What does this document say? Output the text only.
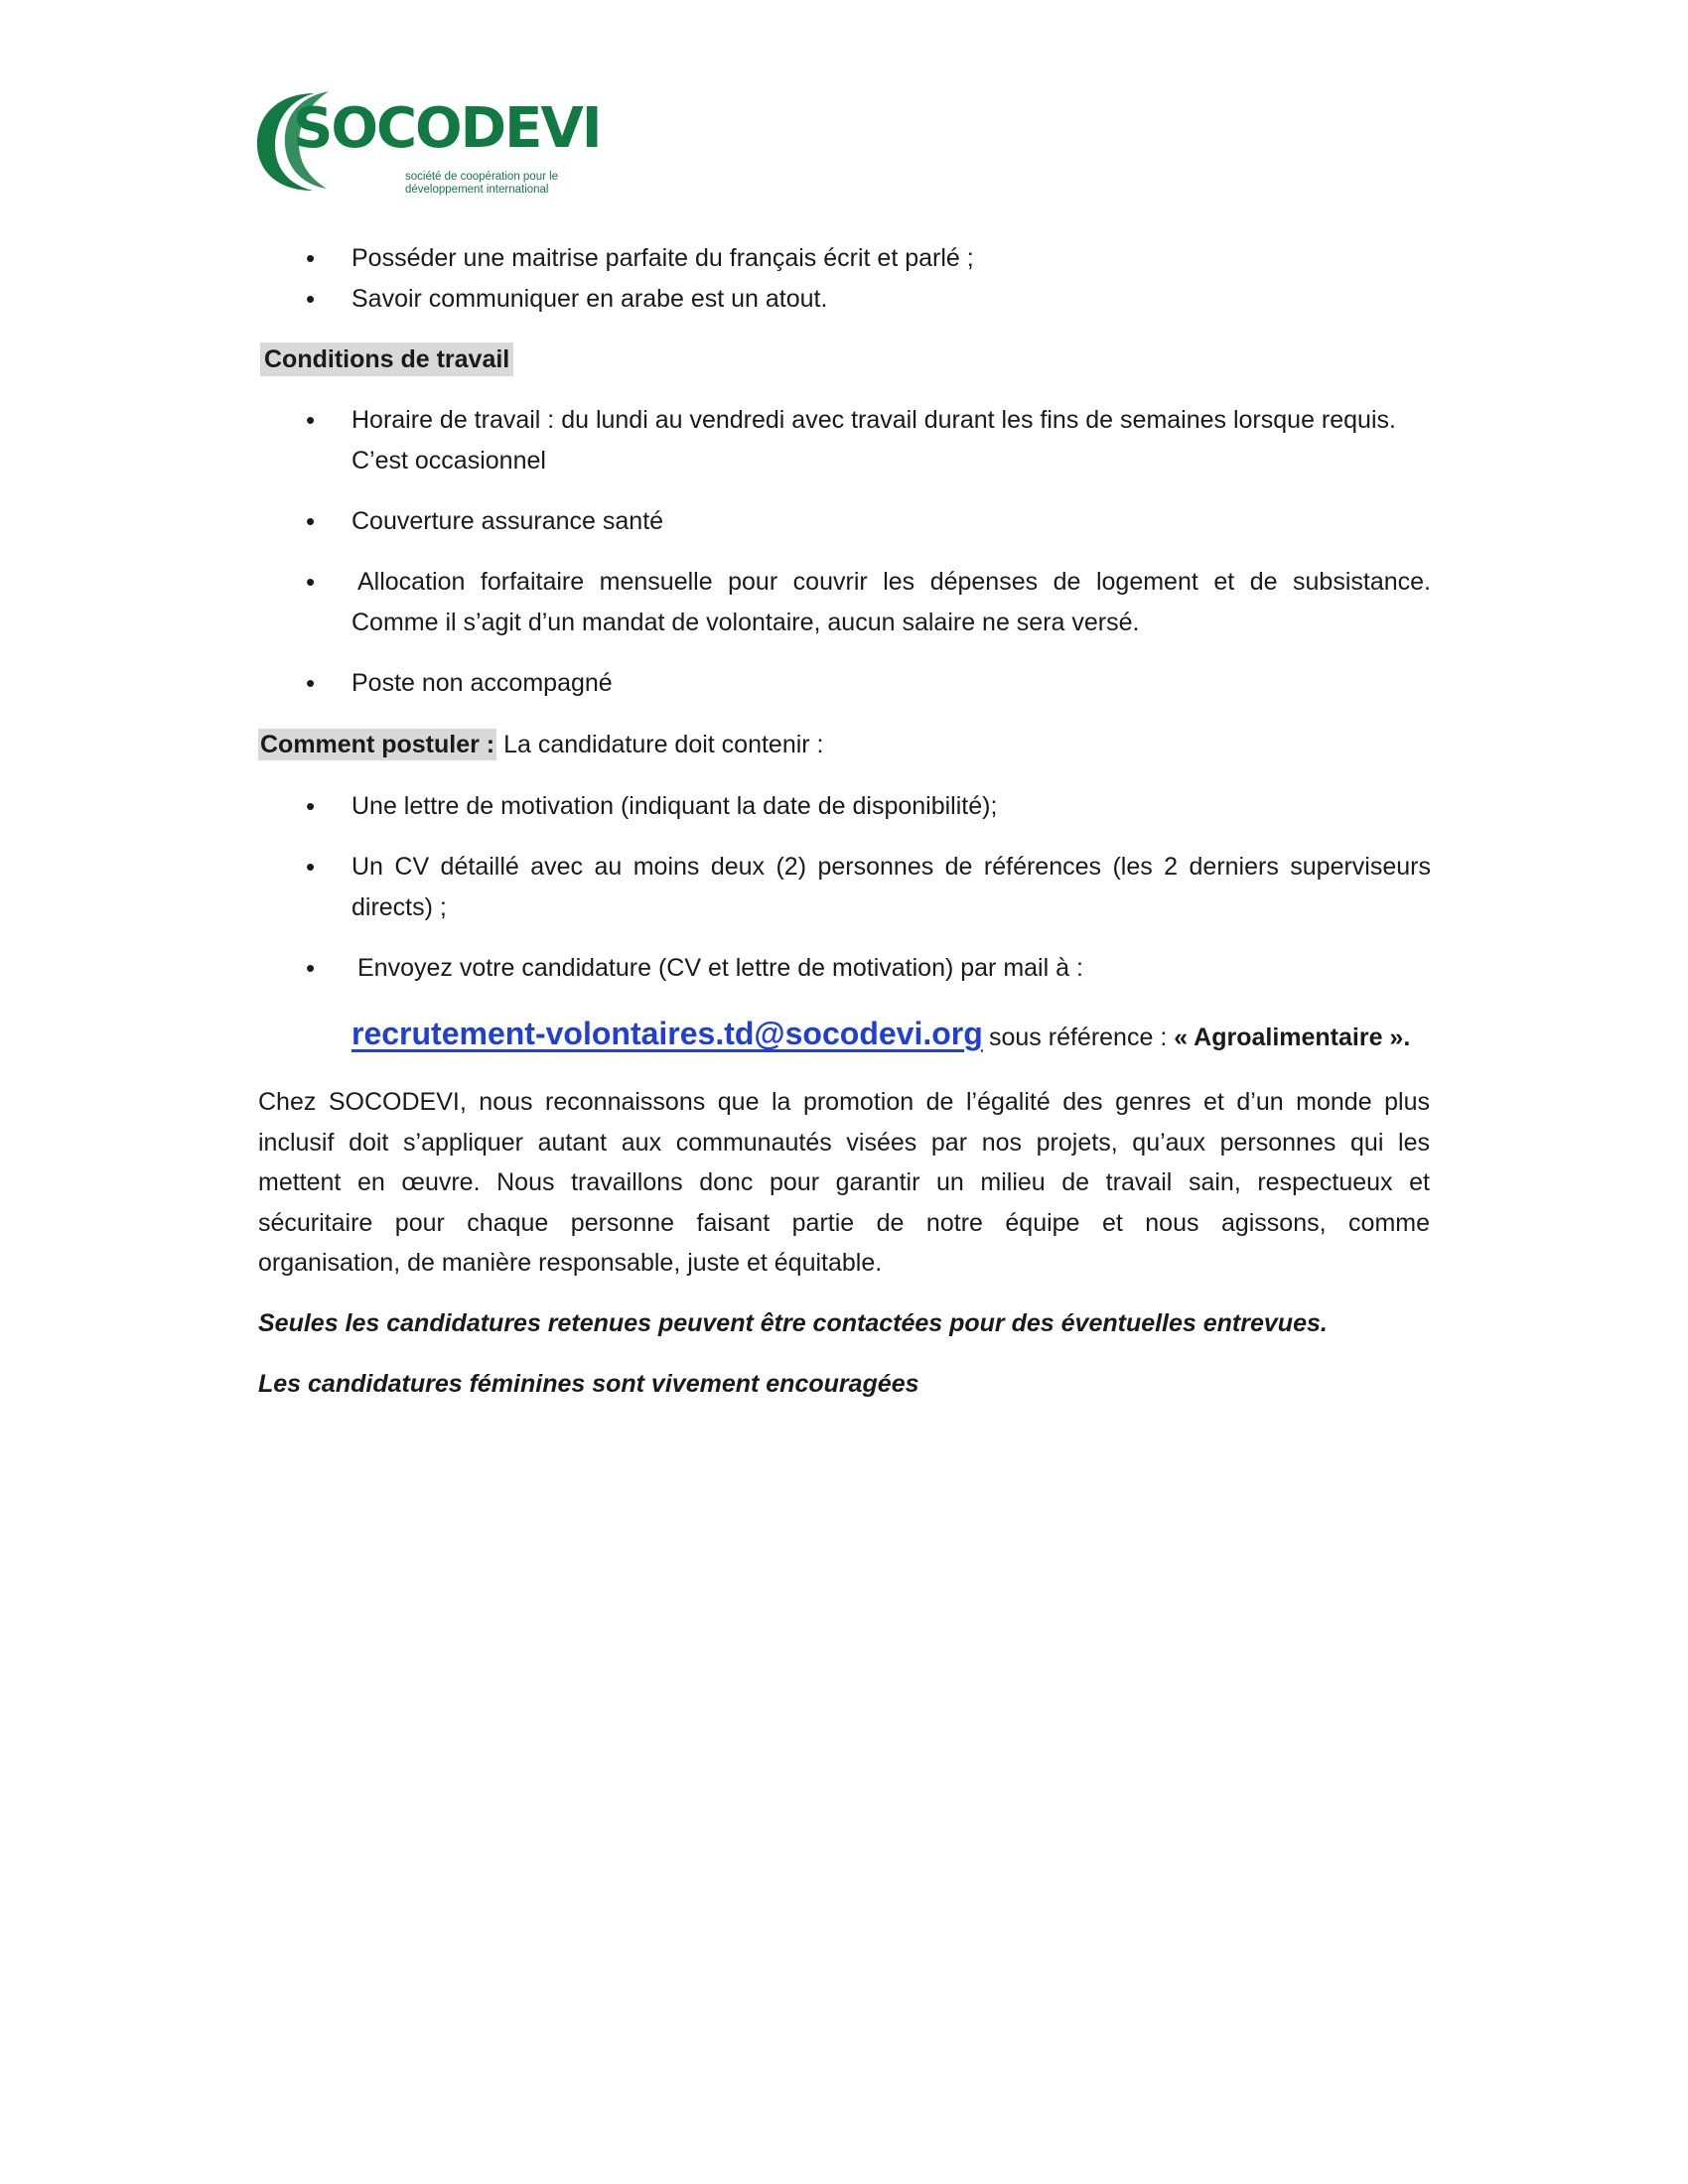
SOCODEVI
société de coopération pour le
développement international
• Posséder une maitrise parfaite du français écrit et parlé ;
• Savoir communiquer en arabe est un atout.
Conditions de travail
• Horaire de travail : du lundi au vendredi avec travail durant les fins de semaines lorsque requis.
C’est occasionnel
• Couverture assurance santé
• Allocation forfaitaire mensuelle pour couvrir les dépenses de logement et de subsistance.
Comme il s’agit d’un mandat de volontaire, aucun salaire ne sera versé.
• Poste non accompagné
Comment postuler : La candidature doit contenir :
• Une lettre de motivation (indiquant la date de disponibilité);
• Un CV détaillé avec au moins deux (2) personnes de références (les 2 derniers superviseurs
directs) ;
• Envoyez votre candidature (CV et lettre de motivation) par mail à :
recrutement-volontaires.td@socodevi.org sous référence : « Agroalimentaire ».
Chez SOCODEVI, nous reconnaissons que la promotion de l’égalité des genres et d’un monde plus
inclusif doit s’appliquer autant aux communautés visées par nos projets, qu’aux personnes qui les
mettent en œuvre. Nous travaillons donc pour garantir un milieu de travail sain, respectueux et
sécuritaire pour chaque personne faisant partie de notre équipe et nous agissons, comme
organisation, de manière responsable, juste et équitable.
Seules les candidatures retenues peuvent être contactées pour des éventuelles entrevues.
Les candidatures féminines sont vivement encouragées
